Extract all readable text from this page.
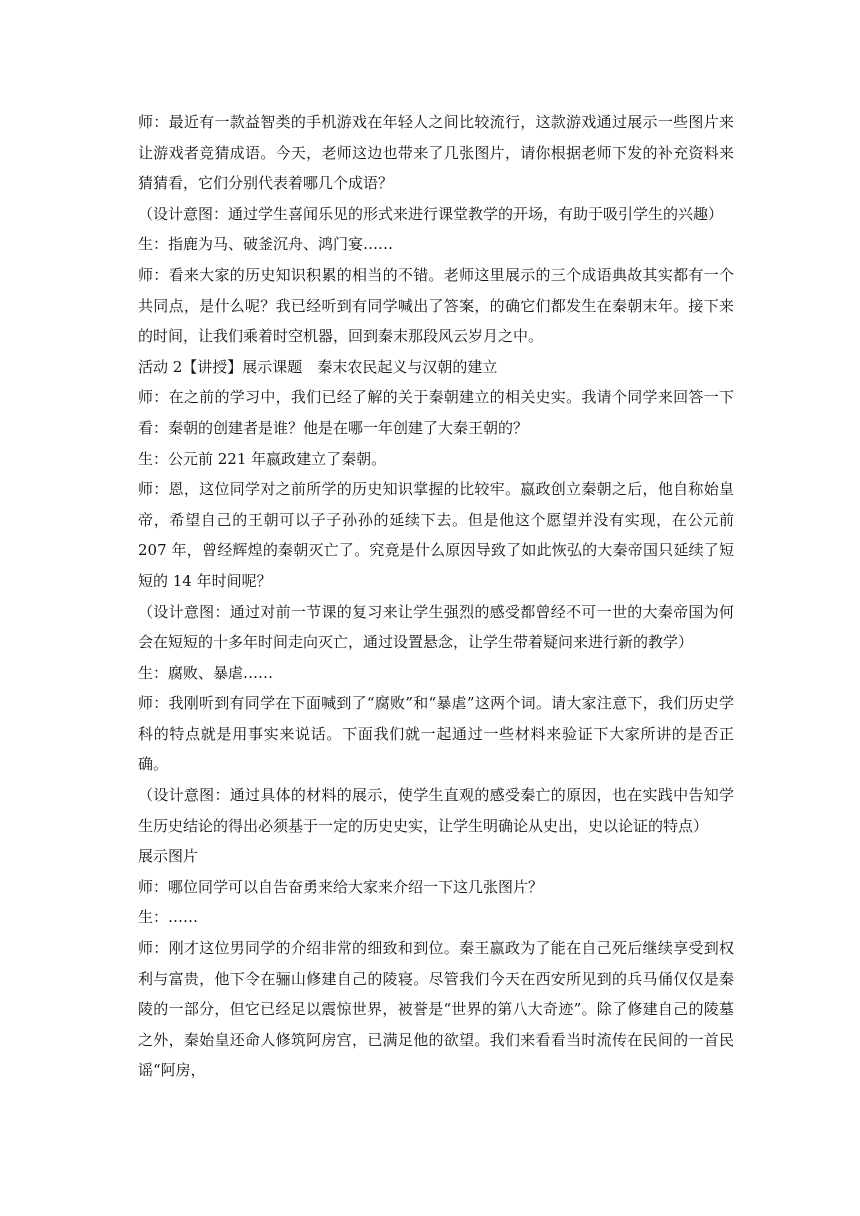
师：最近有一款益智类的手机游戏在年轻人之间比较流行，这款游戏通过展示一些图片来让游戏者竞猜成语。今天，老师这边也带来了几张图片，请你根据老师下发的补充资料来猜猜看，它们分别代表着哪几个成语？

（设计意图：通过学生喜闻乐见的形式来进行课堂教学的开场，有助于吸引学生的兴趣）

生：指鹿为马、破釜沉舟、鸿门宴……

师：看来大家的历史知识积累的相当的不错。老师这里展示的三个成语典故其实都有一个共同点，是什么呢？我已经听到有同学喊出了答案，的确它们都发生在秦朝末年。接下来的时间，让我们乘着时空机器，回到秦末那段风云岁月之中。

活动 2【讲授】展示课题　秦末农民起义与汉朝的建立

师：在之前的学习中，我们已经了解的关于秦朝建立的相关史实。我请个同学来回答一下看：秦朝的创建者是谁？他是在哪一年创建了大秦王朝的？

生：公元前 221 年嬴政建立了秦朝。

师：恩，这位同学对之前所学的历史知识掌握的比较牢。嬴政创立秦朝之后，他自称始皇帝，希望自己的王朝可以子子孙孙的延续下去。但是他这个愿望并没有实现，在公元前 207 年，曾经辉煌的秦朝灭亡了。究竟是什么原因导致了如此恢弘的大秦帝国只延续了短短的 14 年时间呢？

（设计意图：通过对前一节课的复习来让学生强烈的感受都曾经不可一世的大秦帝国为何会在短短的十多年时间走向灭亡，通过设置悬念，让学生带着疑问来进行新的教学）

生：腐败、暴虐……

师：我刚听到有同学在下面喊到了“腐败”和“暴虐”这两个词。请大家注意下，我们历史学科的特点就是用事实来说话。下面我们就一起通过一些材料来验证下大家所讲的是否正确。

（设计意图：通过具体的材料的展示，使学生直观的感受秦亡的原因，也在实践中告知学生历史结论的得出必须基于一定的历史史实，让学生明确论从史出，史以论证的特点）

展示图片

师：哪位同学可以自告奋勇来给大家来介绍一下这几张图片？

生：……

师：刚才这位男同学的介绍非常的细致和到位。秦王嬴政为了能在自己死后继续享受到权利与富贵，他下令在骊山修建自己的陵寝。尽管我们今天在西安所见到的兵马俑仅仅是秦陵的一部分，但它已经足以震惊世界，被誉是“世界的第八大奇迹”。除了修建自己的陵墓之外，秦始皇还命人修筑阿房宫，已满足他的欲望。我们来看看当时流传在民间的一首民谣“阿房，
